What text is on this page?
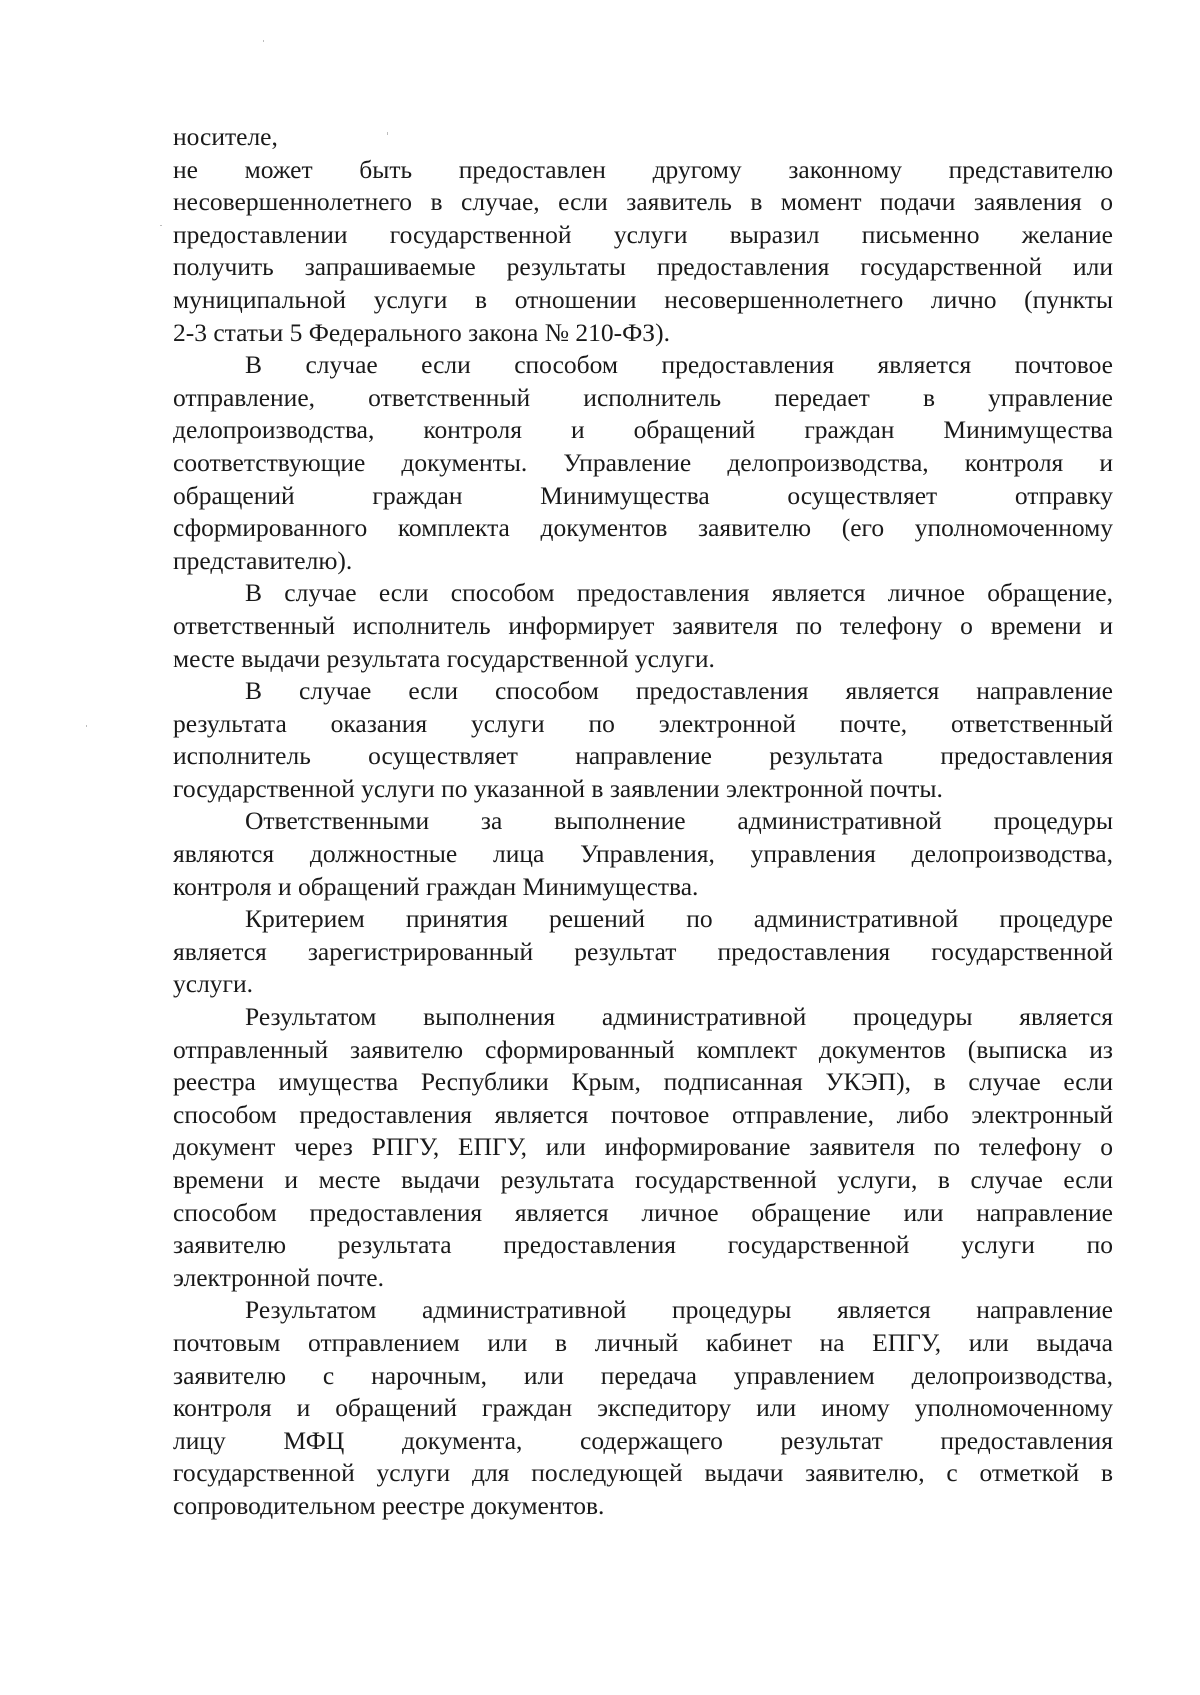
носителе,
не может быть предоставлен другому законному представителю
несовершеннолетнего в случае, если заявитель в момент подачи заявления о
предоставлении государственной услуги выразил письменно желание
получить запрашиваемые результаты предоставления государственной или
муниципальной услуги в отношении несовершеннолетнего лично (пункты
2-3 статьи 5 Федерального закона № 210-ФЗ).
В случае если способом предоставления является почтовое
отправление, ответственный исполнитель передает в управление
делопроизводства, контроля и обращений граждан Минимущества
соответствующие документы. Управление делопроизводства, контроля и
обращений граждан Минимущества осуществляет отправку
сформированного комплекта документов заявителю (его уполномоченному
представителю).
В случае если способом предоставления является личное обращение,
ответственный исполнитель информирует заявителя по телефону о времени и
месте выдачи результата государственной услуги.
В случае если способом предоставления является направление
результата оказания услуги по электронной почте, ответственный
исполнитель осуществляет направление результата предоставления
государственной услуги по указанной в заявлении электронной почты.
Ответственными за выполнение административной процедуры
являются должностные лица Управления, управления делопроизводства,
контроля и обращений граждан Минимущества.
Критерием принятия решений по административной процедуре
является зарегистрированный результат предоставления государственной
услуги.
Результатом выполнения административной процедуры является
отправленный заявителю сформированный комплект документов (выписка из
реестра имущества Республики Крым, подписанная УКЭП), в случае если
способом предоставления является почтовое отправление, либо электронный
документ через РПГУ, ЕПГУ, или информирование заявителя по телефону о
времени и месте выдачи результата государственной услуги, в случае если
способом предоставления является личное обращение или направление
заявителю результата предоставления государственной услуги по
электронной почте.
Результатом административной процедуры является направление
почтовым отправлением или в личный кабинет на ЕПГУ, или выдача
заявителю с нарочным, или передача управлением делопроизводства,
контроля и обращений граждан экспедитору или иному уполномоченному
лицу МФЦ документа, содержащего результат предоставления
государственной услуги для последующей выдачи заявителю, с отметкой в
сопроводительном реестре документов.
